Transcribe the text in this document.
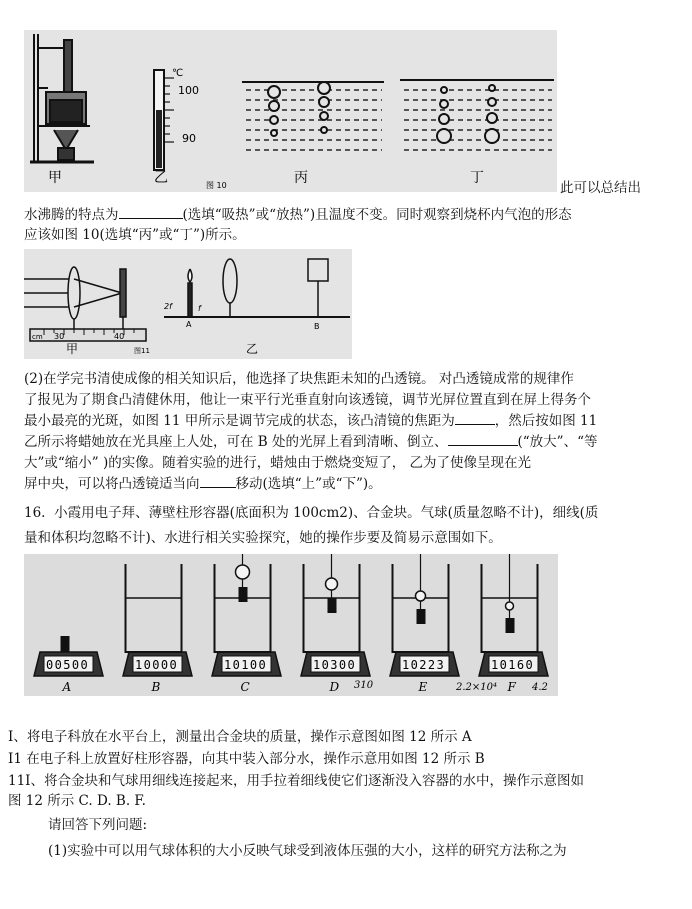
℃
100
90
甲	乙	图 10	丙	丁
此可以总结出
水沸腾的特点为	(选填“吸热”或“放热”)且温度不变。同时观察到烧杯内气泡的形态
应该如图 10(选填“丙”或“丁”)所示。
cm 30	40
甲	图11
2f	f
A	B
乙
(2)在学完书清使成像的相关知识后，他选择了块焦距未知的凸透镜。 对凸透镜成常的规律作
了报见为了期食凸清健休用，他让一束平行光垂直射向该透镜，调节光屏位置直到在屏上得务个
最小最亮的光斑，如图 11 甲所示是调节完成的状态，该凸清镜的焦距为	，然后按如图 11
乙所示将蜡她放在光具座上人处，可在 B 处的光屏上看到清晰、倒立、	(“放大”、“等
大”或“缩小” )的实像。随着实验的进行，蜡烛由于燃烧变短了， 乙为了使像呈现在光
屏中央，可以将凸透镜适当向	移动(选填“上”或“下”)。
16. 小霞用电子拜、薄壁柱形容器(底面积为 100cm2)、合金块。气球(质量忽略不计)，细线(质
量和体积均忽略不计)、水进行相关实验探究，她的操作步要及简易示意围如下。
00500
A
10000
B
10100
C
10300
D
10223
E
10160
F
310	2.2×10⁴	4.2
I、将电子科放在水平台上，测量出合金块的质量，操作示意图如图 12 所示 A
I1 在电子科上放置好柱形容器，向其中装入部分水，操作示意用如图 12 所示 B
11I、将合金块和气球用细线连接起来，用手拉着细线使它们逐渐没入容器的水中，操作示意图如
图 12 所示 C. D. B. F.
请回答下列问题:
(1)实验中可以用气球体积的大小反映气球受到液体压强的大小，这样的研究方法称之为
